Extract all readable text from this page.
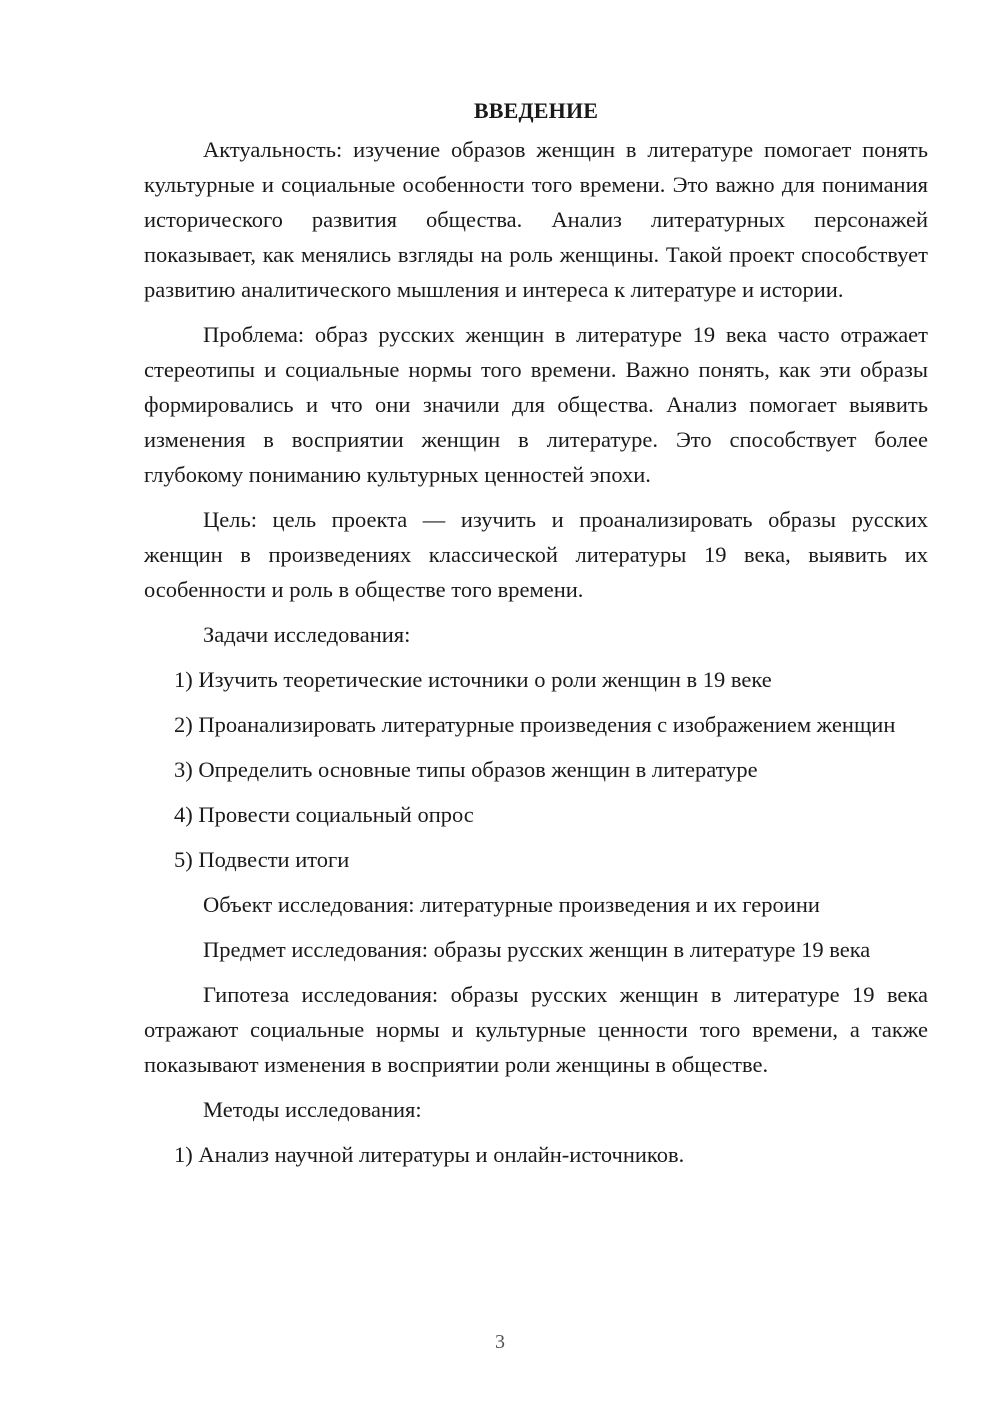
ВВЕДЕНИЕ

Актуальность: изучение образов женщин в литературе помогает понять культурные и социальные особенности того времени. Это важно для понимания исторического развития общества. Анализ литературных персонажей показывает, как менялись взгляды на роль женщины. Такой проект способствует развитию аналитического мышления и интереса к литературе и истории.

Проблема: образ русских женщин в литературе 19 века часто отражает стереотипы и социальные нормы того времени. Важно понять, как эти образы формировались и что они значили для общества. Анализ помогает выявить изменения в восприятии женщин в литературе. Это способствует более глубокому пониманию культурных ценностей эпохи.

Цель: цель проекта — изучить и проанализировать образы русских женщин в произведениях классической литературы 19 века, выявить их особенности и роль в обществе того времени.

Задачи исследования:

1) Изучить теоретические источники о роли женщин в 19 веке

2) Проанализировать литературные произведения с изображением женщин

3) Определить основные типы образов женщин в литературе

4) Провести социальный опрос

5) Подвести итоги

Объект исследования: литературные произведения и их героини

Предмет исследования: образы русских женщин в литературе 19 века

Гипотеза исследования: образы русских женщин в литературе 19 века отражают социальные нормы и культурные ценности того времени, а также показывают изменения в восприятии роли женщины в обществе.

Методы исследования:

1) Анализ научной литературы и онлайн-источников.

3
